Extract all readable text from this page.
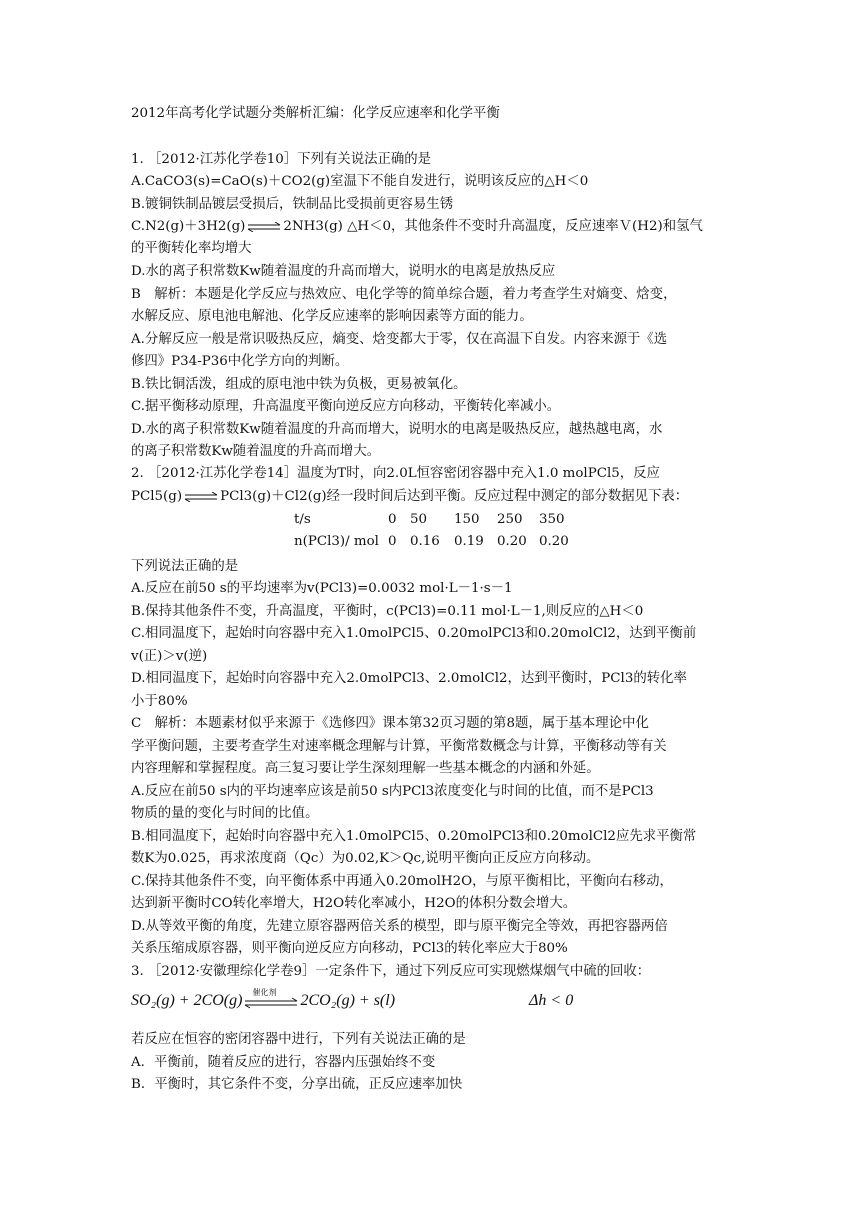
2012年高考化学试题分类解析汇编：化学反应速率和化学平衡
1. ［2012·江苏化学卷10］下列有关说法正确的是
A.CaCO3(s)=CaO(s)＋CO2(g)室温下不能自发进行，说明该反应的△H＜0
B.镀铜铁制品镀层受损后，铁制品比受损前更容易生锈
C.N2(g)＋3H2(g) ⇌ 2NH3(g) △H＜0，其他条件不变时升高温度，反应速率Ｖ(H2)和氢气
的平衡转化率均增大
D.水的离子积常数Kw随着温度的升高而增大，说明水的电离是放热反应
B　解析：本题是化学反应与热效应、电化学等的简单综合题，着力考查学生对熵变、焓变，
水解反应、原电池电解池、化学反应速率的影响因素等方面的能力。
A.分解反应一般是常识吸热反应，熵变、焓变都大于零，仅在高温下自发。内容来源于《选
修四》P34-P36中化学方向的判断。
B.铁比铜活泼，组成的原电池中铁为负极，更易被氧化。
C.据平衡移动原理，升高温度平衡向逆反应方向移动，平衡转化率减小。
D.水的离子积常数Kw随着温度的升高而增大，说明水的电离是吸热反应，越热越电离，水
的离子积常数Kw随着温度的升高而增大。
2. ［2012·江苏化学卷14］温度为T时，向2.0L恒容密闭容器中充入1.0 molPCl5，反应
PCl5(g) ⇌ PCl3(g)＋Cl2(g)经一段时间后达到平衡。反应过程中测定的部分数据见下表：
t/s	0 50 150 250 350
n(PCl3)/ mol 0 0.16 0.19 0.20 0.20
下列说法正确的是
A.反应在前50 s的平均速率为v(PCl3)=0.0032 mol·L－1·s－1
B.保持其他条件不变，升高温度，平衡时，c(PCl3)=0.11 mol·L－1,则反应的△H＜0
C.相同温度下，起始时向容器中充入1.0molPCl5、0.20molPCl3和0.20molCl2，达到平衡前
v(正)＞v(逆)
D.相同温度下，起始时向容器中充入2.0molPCl3、2.0molCl2，达到平衡时，PCl3的转化率
小于80%
C　解析：本题素材似乎来源于《选修四》课本第32页习题的第8题，属于基本理论中化
学平衡问题，主要考查学生对速率概念理解与计算，平衡常数概念与计算，平衡移动等有关
内容理解和掌握程度。高三复习要让学生深刻理解一些基本概念的内涵和外延。
A.反应在前50 s内的平均速率应该是前50 s内PCl3浓度变化与时间的比值，而不是PCl3
物质的量的变化与时间的比值。
B.相同温度下，起始时向容器中充入1.0molPCl5、0.20molPCl3和0.20molCl2应先求平衡常
数K为0.025，再求浓度商（Qc）为0.02,K＞Qc,说明平衡向正反应方向移动。
C.保持其他条件不变，向平衡体系中再通入0.20molH2O，与原平衡相比，平衡向右移动，
达到新平衡时CO转化率增大，H2O转化率减小，H2O的体积分数会增大。
D.从等效平衡的角度，先建立原容器两倍关系的模型，即与原平衡完全等效，再把容器两倍
关系压缩成原容器，则平衡向逆反应方向移动，PCl3的转化率应大于80%
3. ［2012·安徽理综化学卷9］一定条件下，通过下列反应可实现燃煤烟气中硫的回收：
SO₂(g) + 2CO(g) 催化剂 2CO₂(g) + s(l)	Δh < 0
若反应在恒容的密闭容器中进行，下列有关说法正确的是
A．平衡前，随着反应的进行，容器内压强始终不变
B．平衡时，其它条件不变，分享出硫，正反应速率加快
